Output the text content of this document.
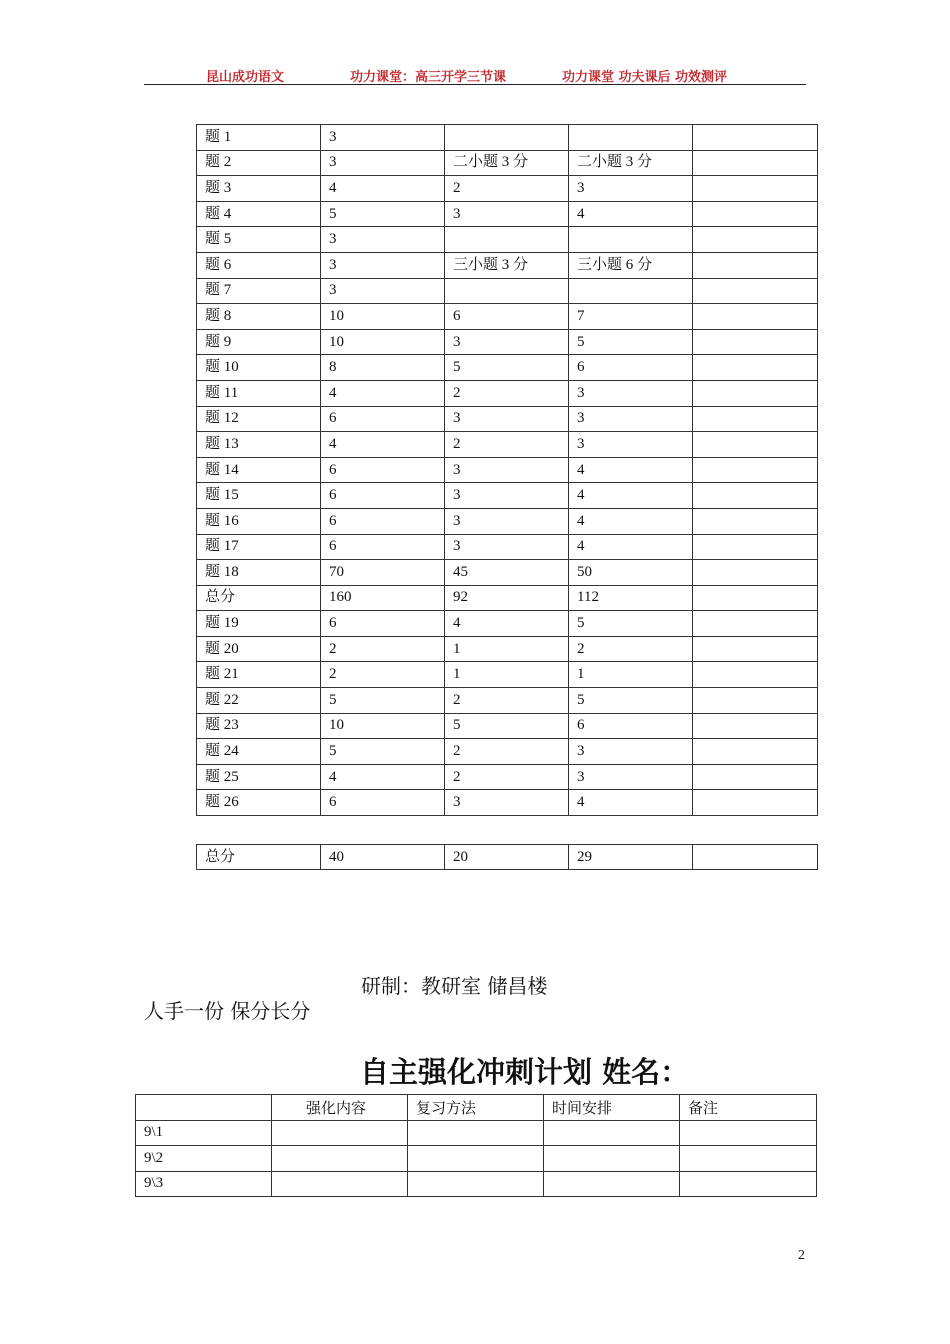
昆山成功语文	功力课堂：高三开学三节课	功力课堂 功夫课后 功效测评
题 1	3			
题 2	3	二小题 3 分	二小题 3 分	
题 3	4	2	3	
题 4	5	3	4	
题 5	3			
题 6	3	三小题 3 分	三小题 6 分	
题 7	3			
题 8	10	6	7	
题 9	10	3	5	
题 10	8	5	6	
题 11	4	2	3	
题 12	6	3	3	
题 13	4	2	3	
题 14	6	3	4	
题 15	6	3	4	
题 16	6	3	4	
题 17	6	3	4	
题 18	70	45	50	
总分	160	92	112	
题 19	6	4	5	
题 20	2	1	2	
题 21	2	1	1	
题 22	5	2	5	
题 23	10	5	6	
题 24	5	2	3	
题 25	4	2	3	
题 26	6	3	4	
总分	40	20	29	
研制：教研室 储昌楼
人手一份 保分长分
自主强化冲刺计划 姓名：
	强化内容	复习方法	时间安排	备注
9\1				
9\2				
9\3				
2
